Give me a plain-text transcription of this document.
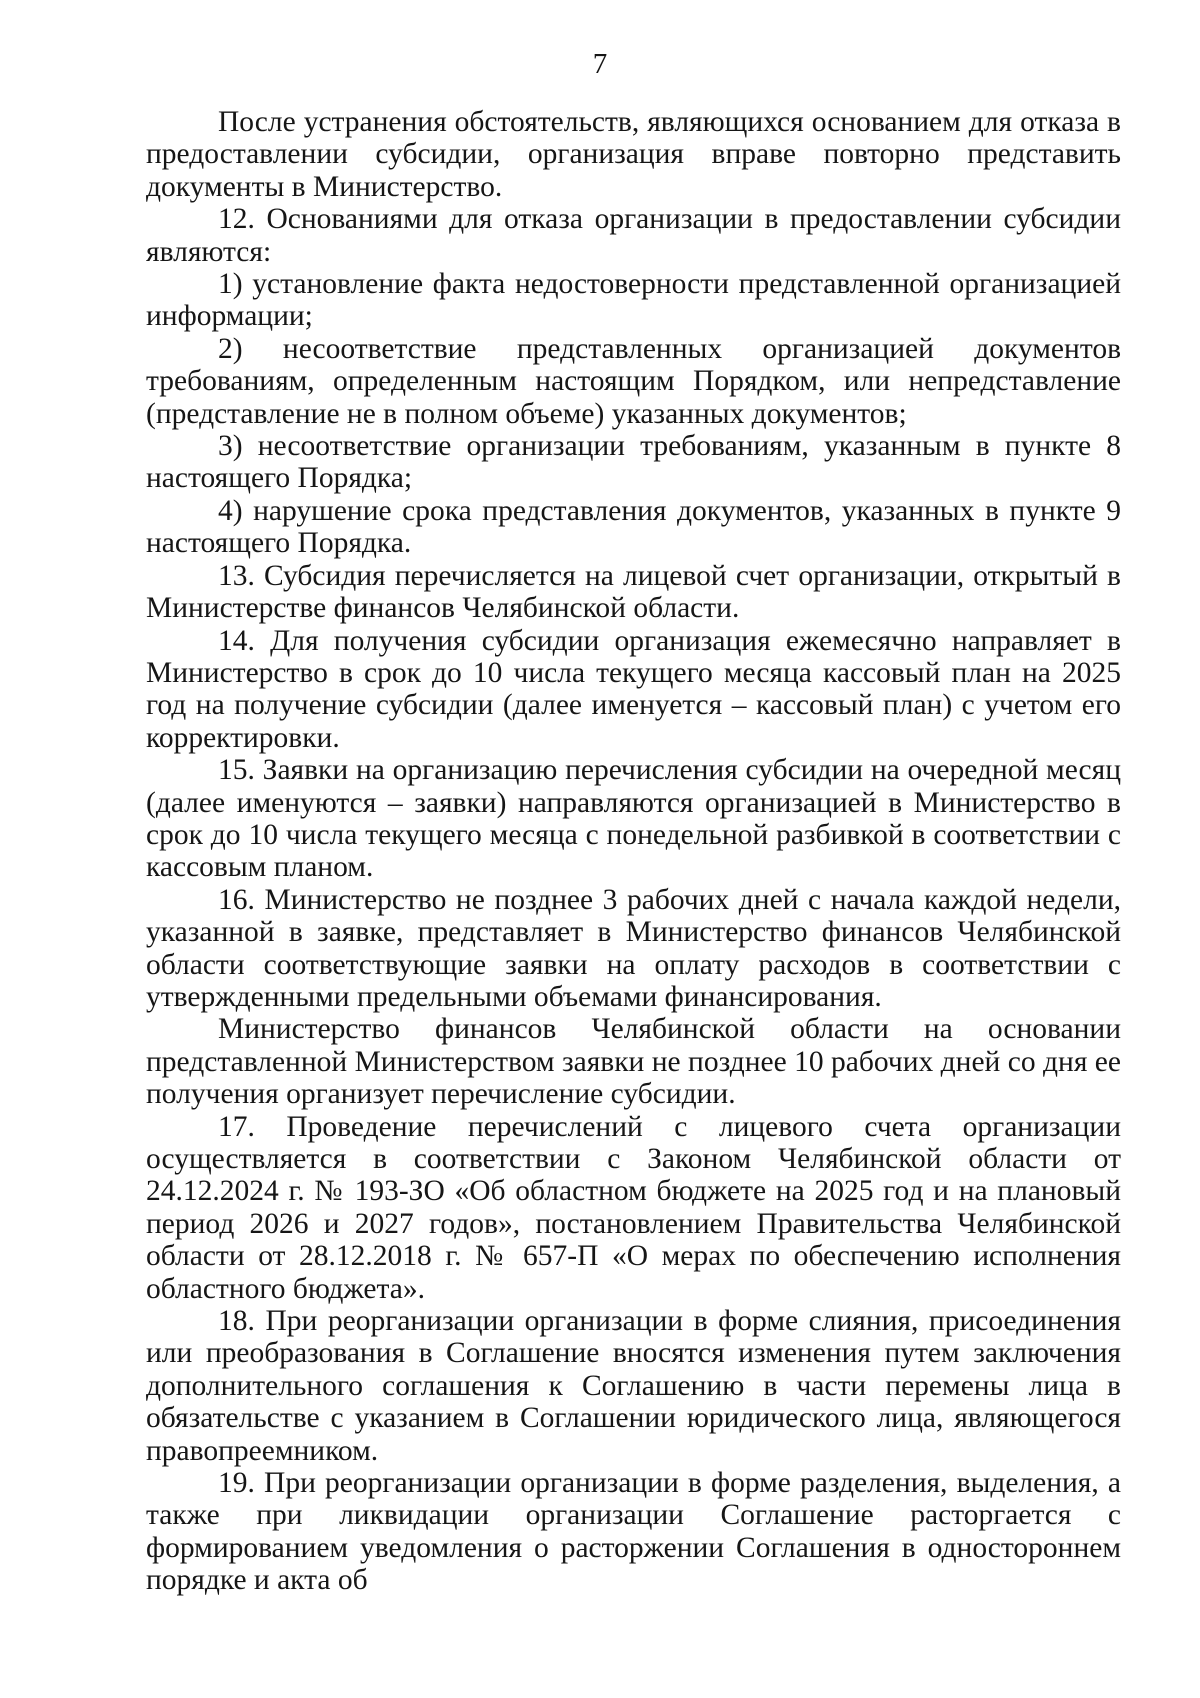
7

После устранения обстоятельств, являющихся основанием для отказа в предоставлении субсидии, организация вправе повторно представить документы в Министерство.

12. Основаниями для отказа организации в предоставлении субсидии являются:

1) установление факта недостоверности представленной организацией информации;

2) несоответствие представленных организацией документов требованиям, определенным настоящим Порядком, или непредставление (представление не в полном объеме) указанных документов;

3) несоответствие организации требованиям, указанным в пункте 8 настоящего Порядка;

4) нарушение срока представления документов, указанных в пункте 9 настоящего Порядка.

13. Субсидия перечисляется на лицевой счет организации, открытый в Министерстве финансов Челябинской области.

14. Для получения субсидии организация ежемесячно направляет в Министерство в срок до 10 числа текущего месяца кассовый план на 2025 год на получение субсидии (далее именуется – кассовый план) с учетом его корректировки.

15. Заявки на организацию перечисления субсидии на очередной месяц (далее именуются – заявки) направляются организацией в Министерство в срок до 10 числа текущего месяца с понедельной разбивкой в соответствии с кассовым планом.

16. Министерство не позднее 3 рабочих дней с начала каждой недели, указанной в заявке, представляет в Министерство финансов Челябинской области соответствующие заявки на оплату расходов в соответствии с утвержденными предельными объемами финансирования.

Министерство финансов Челябинской области на основании представленной Министерством заявки не позднее 10 рабочих дней со дня ее получения организует перечисление субсидии.

17. Проведение перечислений с лицевого счета организации осуществляется в соответствии с Законом Челябинской области от 24.12.2024 г. № 193-ЗО «Об областном бюджете на 2025 год и на плановый период 2026 и 2027 годов», постановлением Правительства Челябинской области от 28.12.2018 г. № 657-П «О мерах по обеспечению исполнения областного бюджета».

18. При реорганизации организации в форме слияния, присоединения или преобразования в Соглашение вносятся изменения путем заключения дополнительного соглашения к Соглашению в части перемены лица в обязательстве с указанием в Соглашении юридического лица, являющегося правопреемником.

19. При реорганизации организации в форме разделения, выделения, а также при ликвидации организации Соглашение расторгается с формированием уведомления о расторжении Соглашения в одностороннем порядке и акта об
